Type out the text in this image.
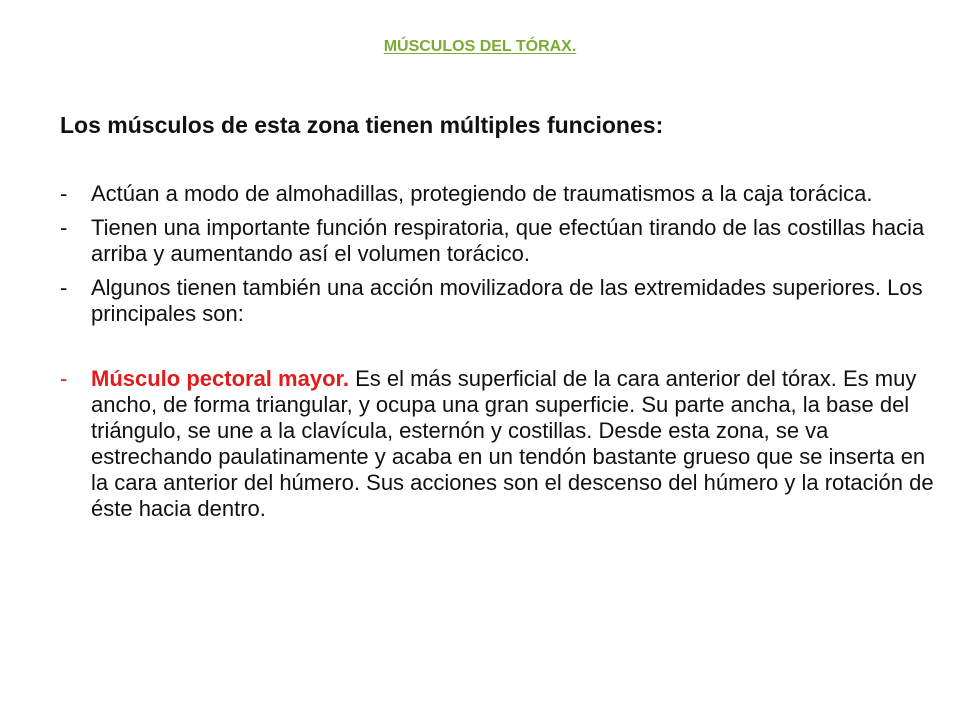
MÚSCULOS DEL TÓRAX.
Los músculos de esta zona tienen múltiples funciones:
-	Actúan a modo de almohadillas, protegiendo de traumatismos a la caja torácica.
-	Tienen una importante función respiratoria, que efectúan tirando de las costillas hacia arriba y aumentando así el volumen torácico.
-	Algunos tienen también una acción movilizadora de las extremidades superiores. Los principales son:
-	Músculo pectoral mayor. Es el más superficial de la cara anterior del tórax. Es muy ancho, de forma triangular, y ocupa una gran superficie. Su parte ancha, la base del triángulo, se une a la clavícula, esternón y costillas. Desde esta zona, se va estrechando paulatinamente y acaba en un tendón bastante grueso que se inserta en la cara anterior del húmero. Sus acciones son el descenso del húmero y la rotación de éste hacia dentro.
